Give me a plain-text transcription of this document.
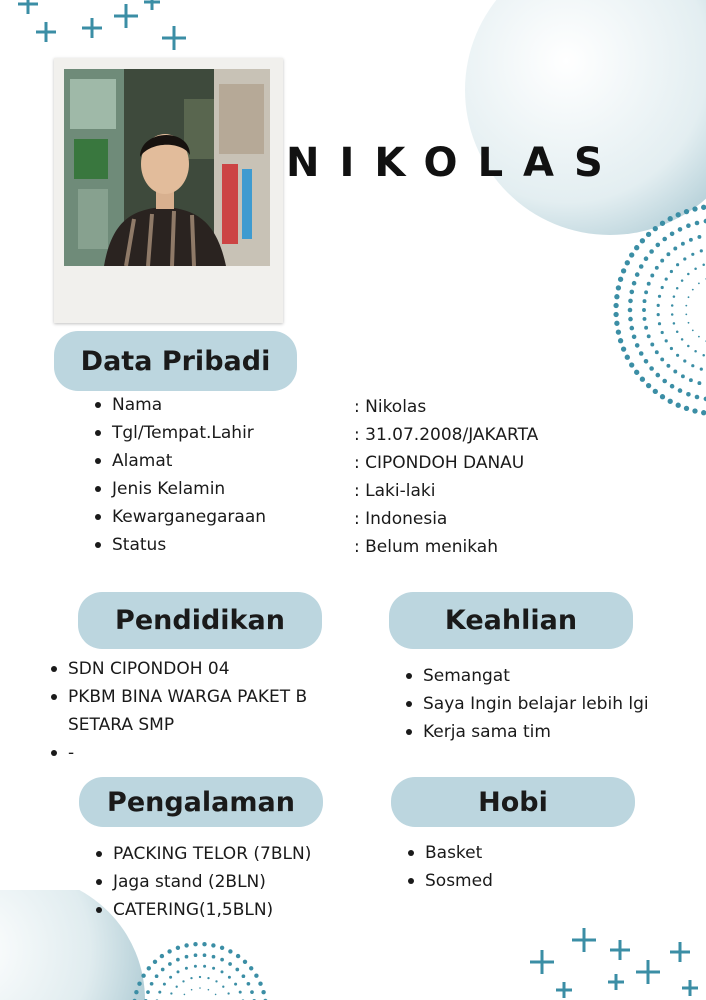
NIKOLAS
Data Pribadi
Nama
Tgl/Tempat.Lahir
Alamat
Jenis Kelamin
Kewarganegaraan
Status
: Nikolas
: 31.07.2008/JAKARTA
: CIPONDOH DANAU
: Laki-laki
: Indonesia
: Belum menikah
Pendidikan
SDN CIPONDOH 04
PKBM BINA WARGA PAKET B SETARA SMP
-
Keahlian
Semangat
Saya Ingin belajar lebih lgi
Kerja sama tim
Pengalaman
PACKING TELOR (7BLN)
Jaga stand (2BLN)
CATERING(1,5BLN)
Hobi
Basket
Sosmed
